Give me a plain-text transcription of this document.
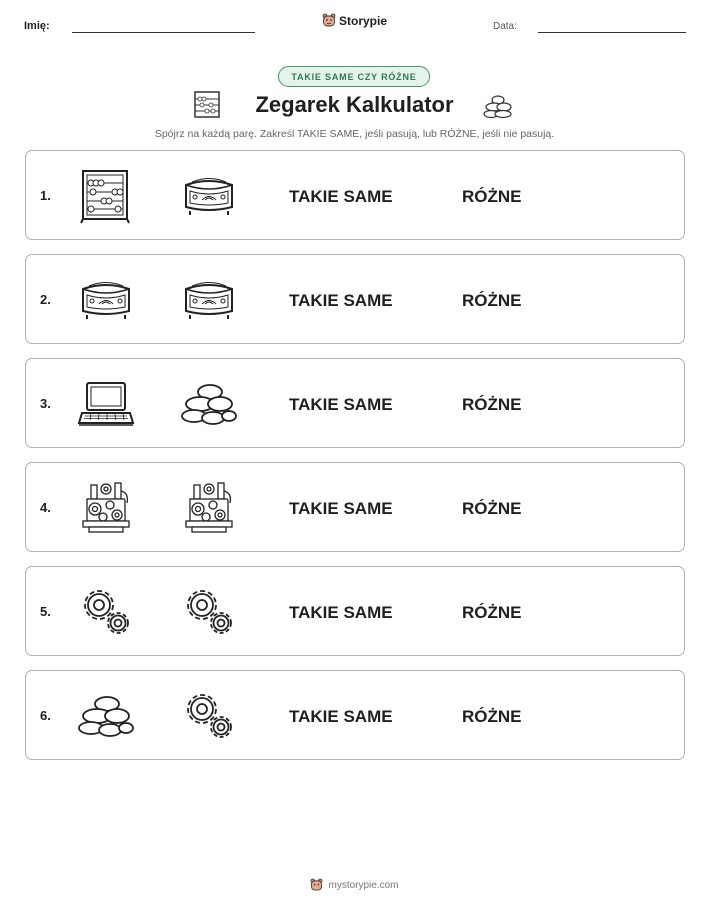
Imię:	Storypie	Data:
TAKIE SAME CZY RÓŻNE
Zegarek Kalkulator
Spójrz na każdą parę. Zakreśl TAKIE SAME, jeśli pasują, lub RÓŻNE, jeśli nie pasują.
1.	TAKIE SAME	RÓŻNE
2.	TAKIE SAME	RÓŻNE
3.	TAKIE SAME	RÓŻNE
4.	TAKIE SAME	RÓŻNE
5.	TAKIE SAME	RÓŻNE
6.	TAKIE SAME	RÓŻNE
mystorypie.com
